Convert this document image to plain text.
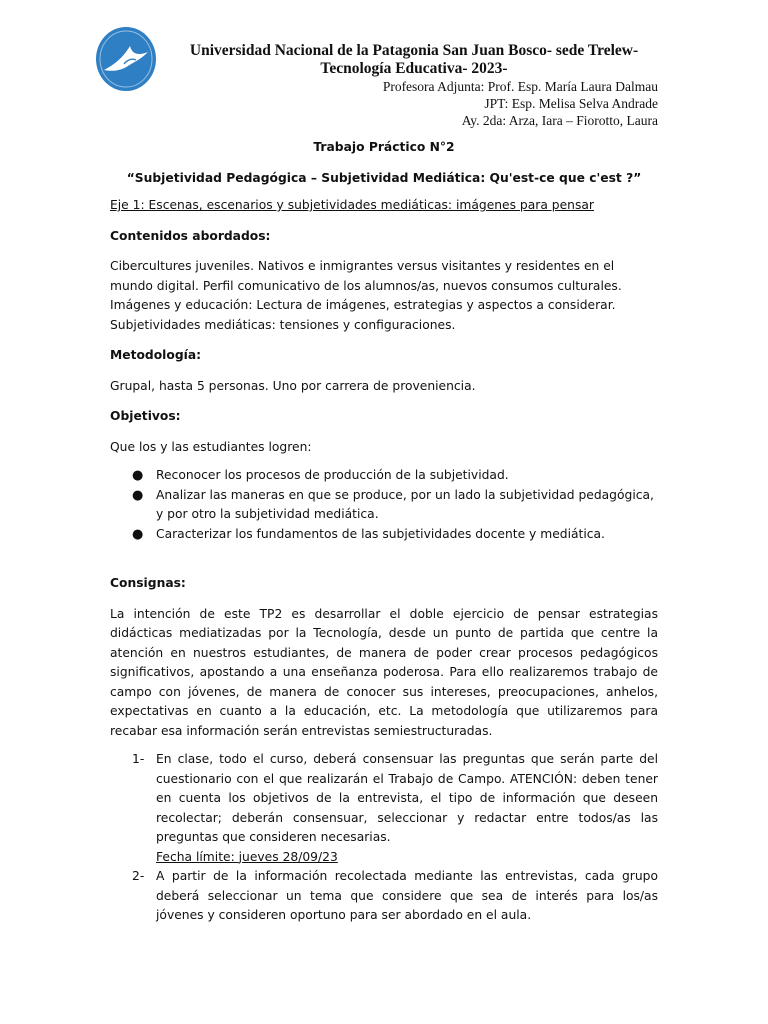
Universidad Nacional de la Patagonia San Juan Bosco- sede Trelew-
Tecnología Educativa- 2023-
Profesora Adjunta: Prof. Esp. María Laura Dalmau
JPT: Esp. Melisa Selva Andrade
Ay. 2da: Arza, Iara – Fiorotto, Laura

Trabajo Práctico N°2

“Subjetividad Pedagógica – Subjetividad Mediática: Qu'est-ce que c'est ?”

Eje 1: Escenas, escenarios y subjetividades mediáticas: imágenes para pensar

Contenidos abordados:

Cibercultures juveniles. Nativos e inmigrantes versus visitantes y residentes en el mundo digital. Perfil comunicativo de los alumnos/as, nuevos consumos culturales. Imágenes y educación: Lectura de imágenes, estrategias y aspectos a considerar. Subjetividades mediáticas: tensiones y configuraciones.

Metodología:

Grupal, hasta 5 personas. Uno por carrera de proveniencia.

Objetivos:

Que los y las estudiantes logren:

● Reconocer los procesos de producción de la subjetividad.
● Analizar las maneras en que se produce, por un lado la subjetividad pedagógica, y por otro la subjetividad mediática.
● Caracterizar los fundamentos de las subjetividades docente y mediática.

Consignas:

La intención de este TP2 es desarrollar el doble ejercicio de pensar estrategias didácticas mediatizadas por la Tecnología, desde un punto de partida que centre la atención en nuestros estudiantes, de manera de poder crear procesos pedagógicos significativos, apostando a una enseñanza poderosa. Para ello realizaremos trabajo de campo con jóvenes, de manera de conocer sus intereses, preocupaciones, anhelos, expectativas en cuanto a la educación, etc. La metodología que utilizaremos para recabar esa información serán entrevistas semiestructuradas.

1- En clase, todo el curso, deberá consensuar las preguntas que serán parte del cuestionario con el que realizarán el Trabajo de Campo. ATENCIÓN: deben tener en cuenta los objetivos de la entrevista, el tipo de información que deseen recolectar; deberán consensuar, seleccionar y redactar entre todos/as las preguntas que consideren necesarias.
Fecha límite: jueves 28/09/23
2- A partir de la información recolectada mediante las entrevistas, cada grupo deberá seleccionar un tema que considere que sea de interés para los/as jóvenes y consideren oportuno para ser abordado en el aula.
